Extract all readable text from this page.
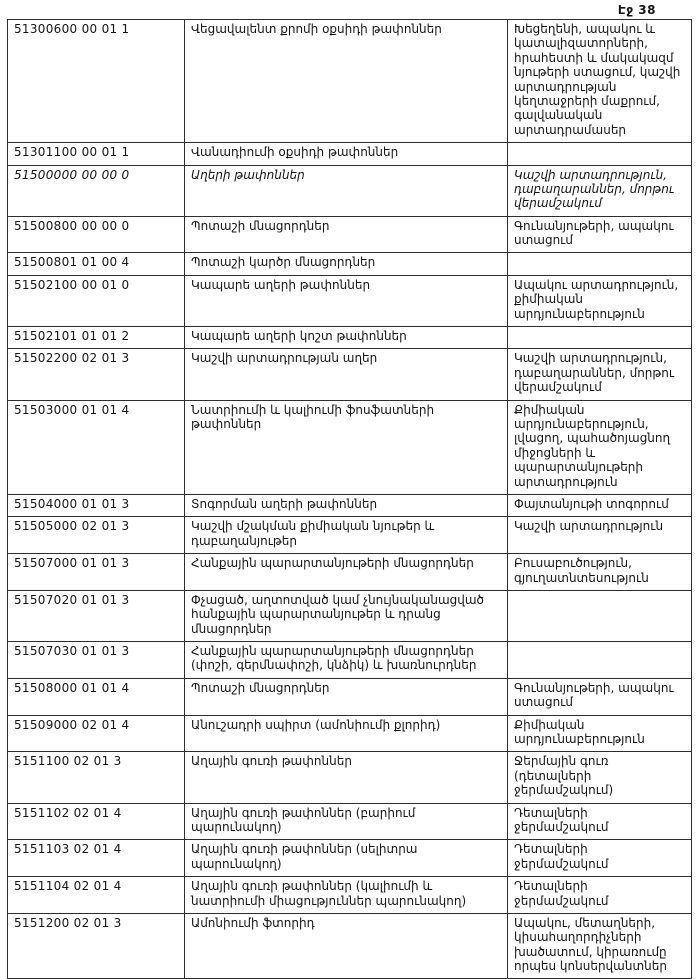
Էջ 38
51300600 00 01 1	Վեցավալենտ քրոմի օքսիդի թափոններ	Խեցեղենի, ապակու և կատալիզատորների, հրահեստի և մակակազմ նյութերի ստացում, կաշվի արտադրության կեղտաջրերի մաքրում, գալվանական արտադրամասեր
51301100 00 01 1	Վանադիումի օքսիդի թափոններ	
51500000 00 00 0	Աղերի թափոններ	Կաշվի արտադրություն, դաբաղարաններ, մորթու վերամշակում
51500800 00 00 0	Պոտաշի մնացորդներ	Գունանյութերի, ապակու ստացում
51500801 01 00 4	Պոտաշի կարծր մնացորդներ	
51502100 00 01 0	Կապարե աղերի թափոններ	Ապակու արտադրություն, քիմիական արդյունաբերություն
51502101 01 01 2	Կապարե աղերի կոշտ թափոններ	
51502200 02 01 3	Կաշվի արտադրության աղեր	Կաշվի արտադրություն, դաբաղարաններ, մորթու վերամշակում
51503000 01 01 4	Նատրիումի և կալիումի ֆոսֆատների թափոններ	Քիմիական արդյունաբերություն, լվացող, պահածոյացնող միջոցների և պարարտանյութերի արտադրություն
51504000 01 01 3	Տոգորման աղերի թափոններ	Փայտանյութի տոգորում
51505000 02 01 3	Կաշվի մշակման քիմիական նյութեր և դաբաղանյութեր	Կաշվի արտադրություն
51507000 01 01 3	Հանքային պարարտանյութերի մնացորդներ	Բուսաբուծություն, գյուղատնտեսություն
51507020 01 01 3	Փչացած, աղտոտված կամ չնույնականացված հանքային պարարտանյութեր և դրանց մնացորդներ	
51507030 01 01 3	Հանքային պարարտանյութերի մնացորդներ (փոշի, գերմնափոշի, կնձիկ) և խառնուրդներ	
51508000 01 01 4	Պոտաշի մնացորդներ	Գունանյութերի, ապակու ստացում
51509000 02 01 4	Անուշադրի սպիրտ (ամոնիումի քլորիդ)	Քիմիական արդյունաբերություն
5151100 02 01 3	Աղային գուռի թափոններ	Ջերմային գուռ (դետալների ջերմամշակում)
5151102 02 01 4	Աղային գուռի թափոններ (բարիում պարունակող)	Դետալների ջերմամշակում
5151103 02 01 4	Աղային գուռի թափոններ (սելիտրա պարունակող)	Դետալների ջերմամշակում
5151104 02 01 4	Աղային գուռի թափոններ (կալիումի և նատրիումի միացություններ պարունակող)	Դետալների ջերմամշակում
5151200 02 01 3	Ամոնիումի ֆտորիդ	Ապակու, մետաղների, կիսահաղորդիչների խածատում, կիրառումը որպես կոնսերվանտներ
